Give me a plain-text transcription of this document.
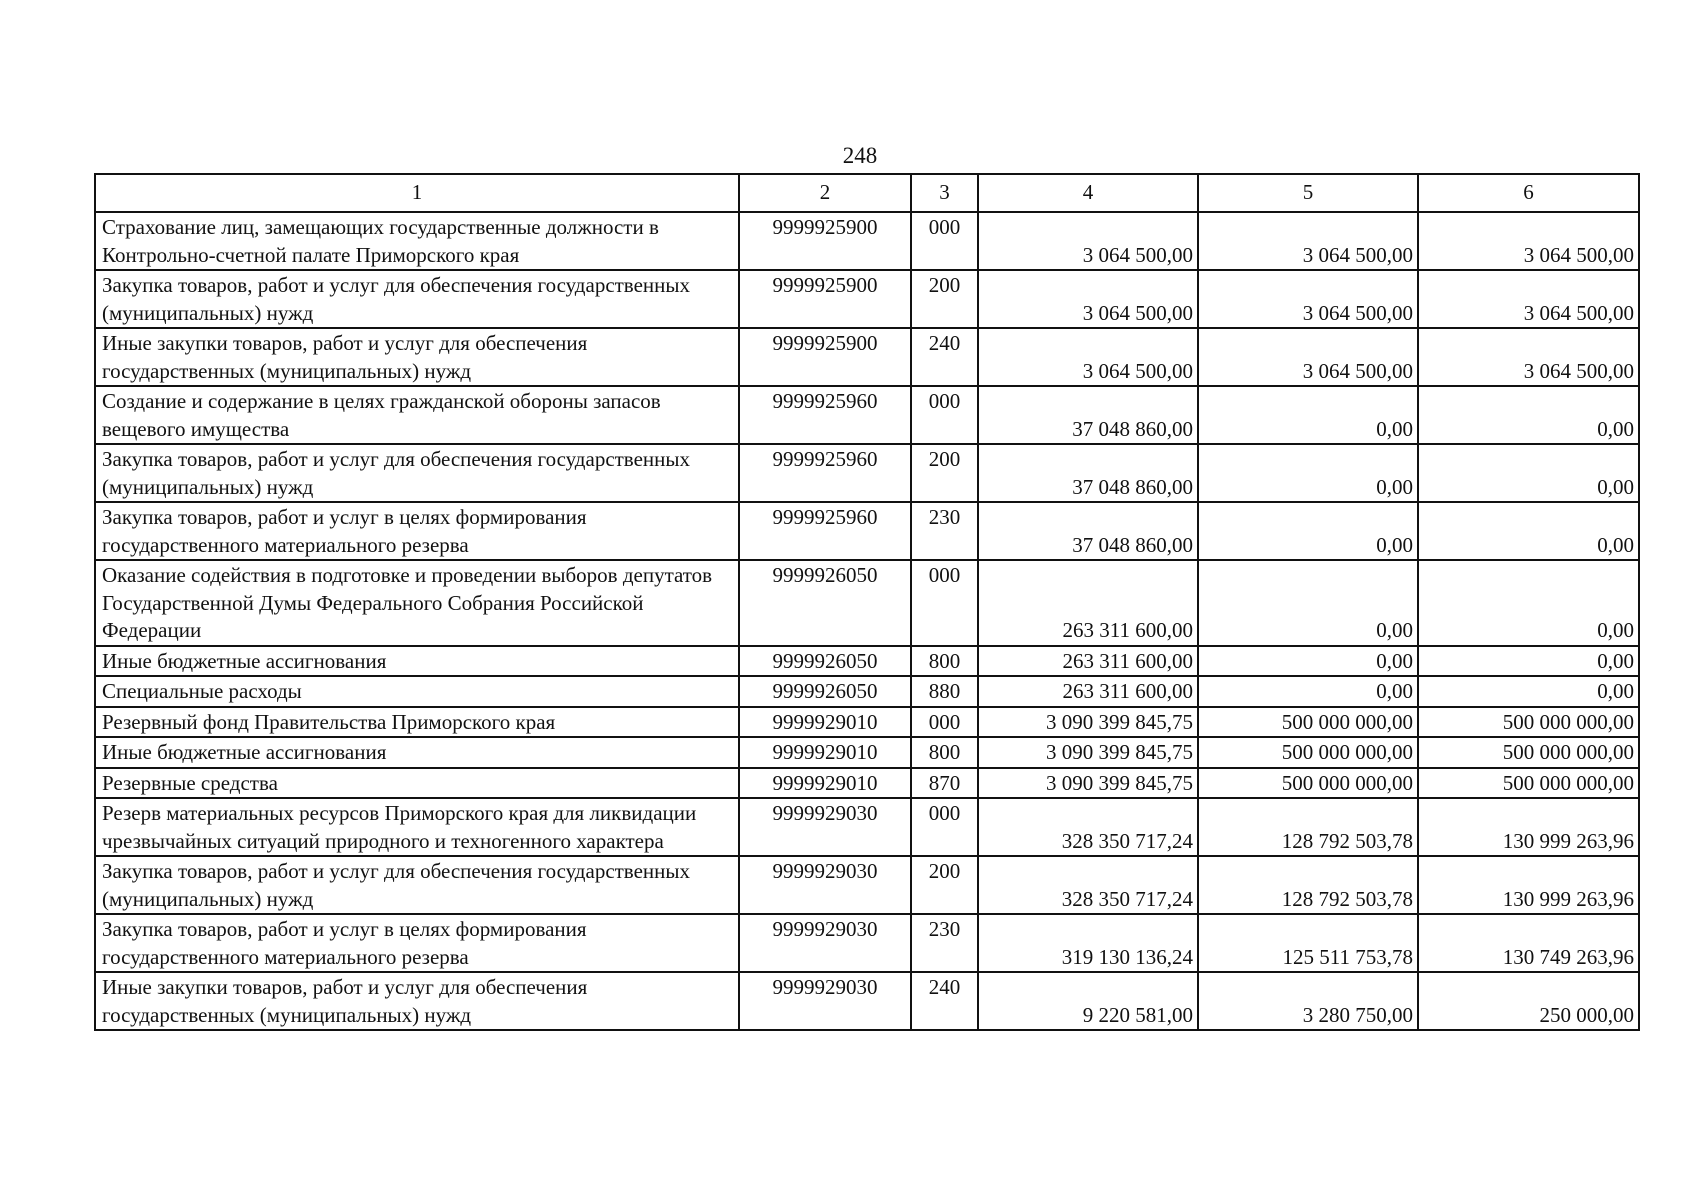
248
1	2	3	4	5	6
Страхование лиц, замещающих государственные должности в Контрольно-счетной палате Приморского края	9999925900	000	3 064 500,00	3 064 500,00	3 064 500,00
Закупка товаров, работ и услуг для обеспечения государственных (муниципальных) нужд	9999925900	200	3 064 500,00	3 064 500,00	3 064 500,00
Иные закупки товаров, работ и услуг для обеспечения государственных (муниципальных) нужд	9999925900	240	3 064 500,00	3 064 500,00	3 064 500,00
Создание и содержание в целях гражданской обороны запасов вещевого имущества	9999925960	000	37 048 860,00	0,00	0,00
Закупка товаров, работ и услуг для обеспечения государственных (муниципальных) нужд	9999925960	200	37 048 860,00	0,00	0,00
Закупка товаров, работ и услуг в целях формирования государственного материального резерва	9999925960	230	37 048 860,00	0,00	0,00
Оказание содействия в подготовке и проведении выборов депутатов Государственной Думы Федерального Собрания Российской Федерации	9999926050	000	263 311 600,00	0,00	0,00
Иные бюджетные ассигнования	9999926050	800	263 311 600,00	0,00	0,00
Специальные расходы	9999926050	880	263 311 600,00	0,00	0,00
Резервный фонд Правительства Приморского края	9999929010	000	3 090 399 845,75	500 000 000,00	500 000 000,00
Иные бюджетные ассигнования	9999929010	800	3 090 399 845,75	500 000 000,00	500 000 000,00
Резервные средства	9999929010	870	3 090 399 845,75	500 000 000,00	500 000 000,00
Резерв материальных ресурсов Приморского края для ликвидации чрезвычайных ситуаций природного и техногенного характера	9999929030	000	328 350 717,24	128 792 503,78	130 999 263,96
Закупка товаров, работ и услуг для обеспечения государственных (муниципальных) нужд	9999929030	200	328 350 717,24	128 792 503,78	130 999 263,96
Закупка товаров, работ и услуг в целях формирования государственного материального резерва	9999929030	230	319 130 136,24	125 511 753,78	130 749 263,96
Иные закупки товаров, работ и услуг для обеспечения государственных (муниципальных) нужд	9999929030	240	9 220 581,00	3 280 750,00	250 000,00
